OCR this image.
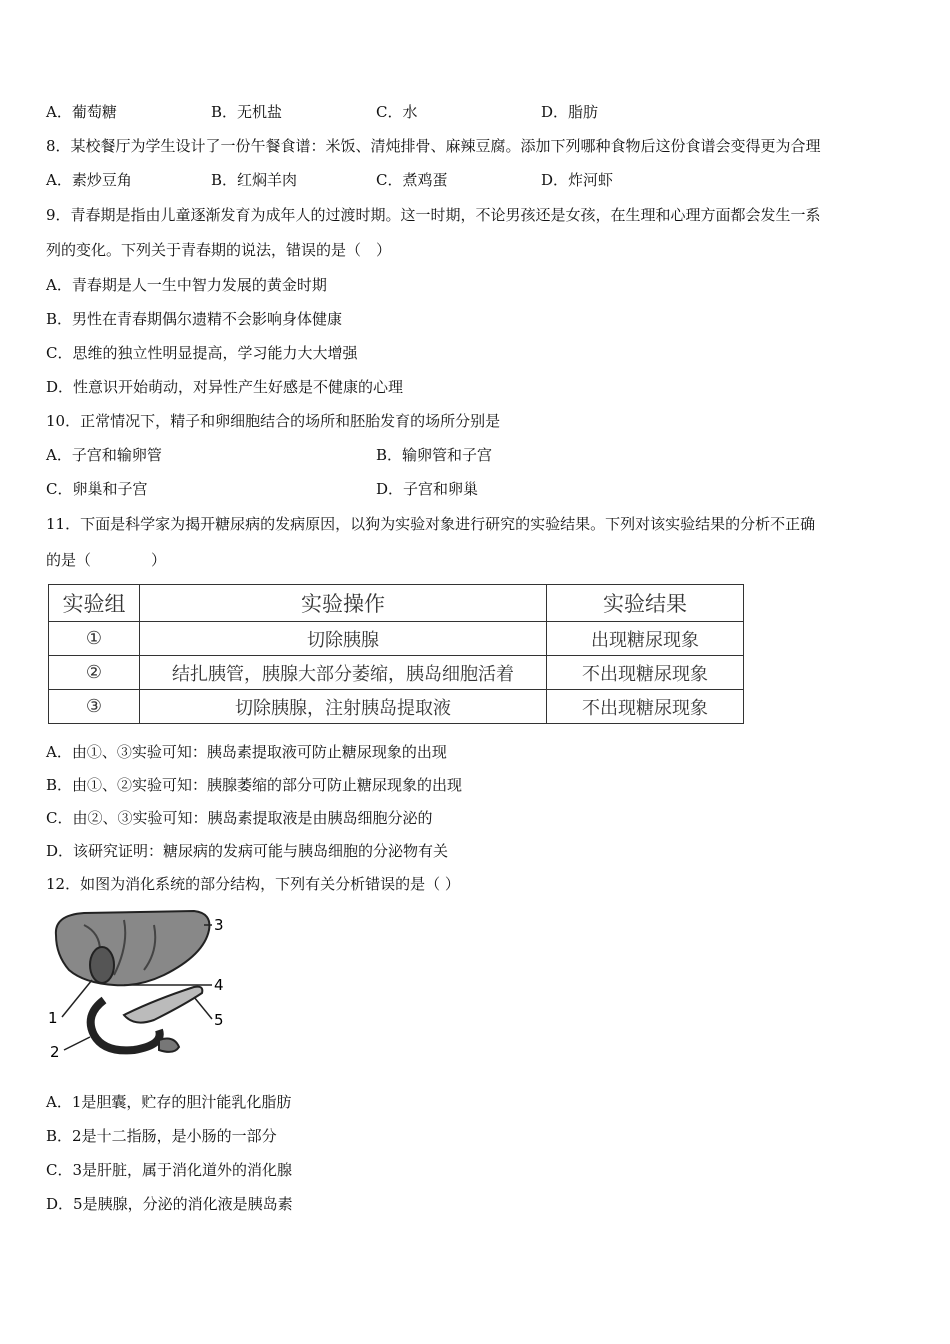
A．葡萄糖	B．无机盐	C．水	D．脂肪
8．某校餐厅为学生设计了一份午餐食谱：米饭、清炖排骨、麻辣豆腐。添加下列哪种食物后这份食谱会变得更为合理
A．素炒豆角	B．红焖羊肉	C．煮鸡蛋	D．炸河虾
9．青春期是指由儿童逐渐发育为成年人的过渡时期。这一时期，不论男孩还是女孩，在生理和心理方面都会发生一系
列的变化。下列关于青春期的说法，错误的是（　）
A．青春期是人一生中智力发展的黄金时期
B．男性在青春期偶尔遗精不会影响身体健康
C．思维的独立性明显提高，学习能力大大增强
D．性意识开始萌动，对异性产生好感是不健康的心理
10．正常情况下，精子和卵细胞结合的场所和胚胎发育的场所分别是
A．子宫和输卵管	B．输卵管和子宫
C．卵巢和子宫	D．子宫和卵巢
11．下面是科学家为揭开糖尿病的发病原因，以狗为实验对象进行研究的实验结果。下列对该实验结果的分析不正确
的是（　　　　）
实验组	实验操作	实验结果
①	切除胰腺	出现糖尿现象
②	结扎胰管，胰腺大部分萎缩，胰岛细胞活着	不出现糖尿现象
③	切除胰腺，注射胰岛提取液	不出现糖尿现象
A．由①、③实验可知：胰岛素提取液可防止糖尿现象的出现
B．由①、②实验可知：胰腺萎缩的部分可防止糖尿现象的出现
C．由②、③实验可知：胰岛素提取液是由胰岛细胞分泌的
D．该研究证明：糖尿病的发病可能与胰岛细胞的分泌物有关
12．如图为消化系统的部分结构，下列有关分析错误的是（ ）
3
4
5
1
2
A．1是胆囊，贮存的胆汁能乳化脂肪
B．2是十二指肠，是小肠的一部分
C．3是肝脏，属于消化道外的消化腺
D．5是胰腺，分泌的消化液是胰岛素
